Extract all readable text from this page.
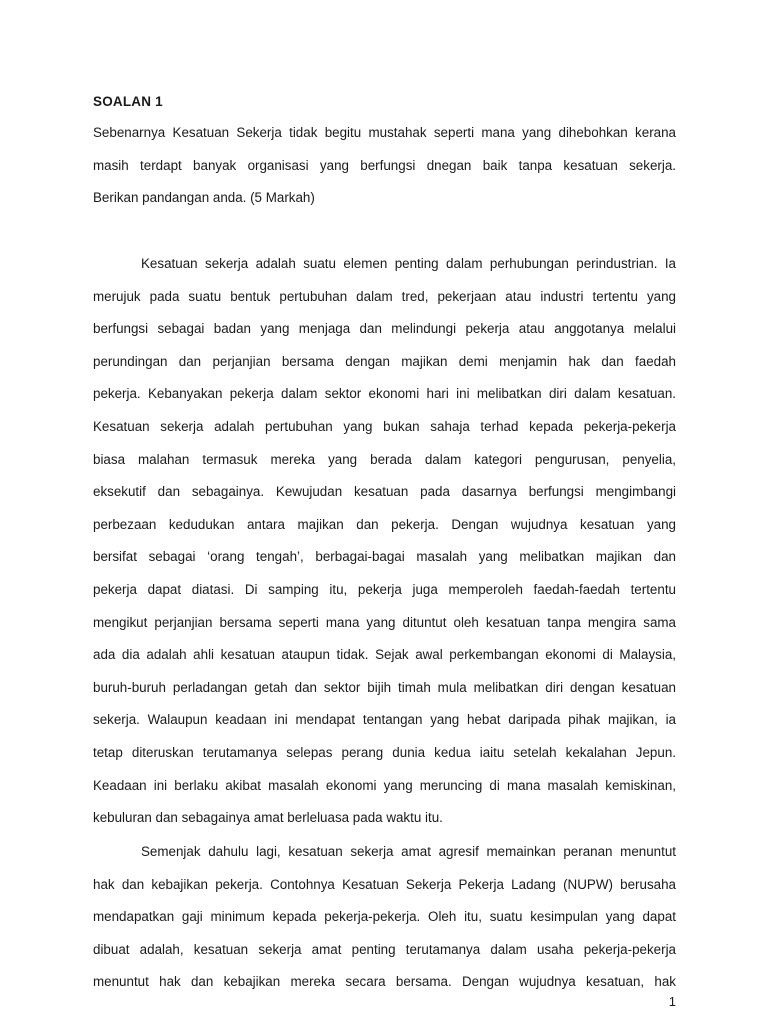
SOALAN 1
Sebenarnya Kesatuan Sekerja tidak begitu mustahak seperti mana yang dihebohkan kerana
masih terdapt banyak organisasi yang berfungsi dnegan baik tanpa kesatuan sekerja.
Berikan pandangan anda. (5 Markah)
Kesatuan sekerja adalah suatu elemen penting dalam perhubungan perindustrian. Ia
merujuk pada suatu bentuk pertubuhan dalam tred, pekerjaan atau industri tertentu yang
berfungsi sebagai badan yang menjaga dan melindungi pekerja atau anggotanya melalui
perundingan dan perjanjian bersama dengan majikan demi menjamin hak dan faedah
pekerja. Kebanyakan pekerja dalam sektor ekonomi hari ini melibatkan diri dalam kesatuan.
Kesatuan sekerja adalah pertubuhan yang bukan sahaja terhad kepada pekerja-pekerja
biasa malahan termasuk mereka yang berada dalam kategori pengurusan, penyelia,
eksekutif dan sebagainya. Kewujudan kesatuan pada dasarnya berfungsi mengimbangi
perbezaan kedudukan antara majikan dan pekerja. Dengan wujudnya kesatuan yang
bersifat sebagai ‘orang tengah’, berbagai-bagai masalah yang melibatkan majikan dan
pekerja dapat diatasi. Di samping itu, pekerja juga memperoleh faedah-faedah tertentu
mengikut perjanjian bersama seperti mana yang dituntut oleh kesatuan tanpa mengira sama
ada dia adalah ahli kesatuan ataupun tidak. Sejak awal perkembangan ekonomi di Malaysia,
buruh-buruh perladangan getah dan sektor bijih timah mula melibatkan diri dengan kesatuan
sekerja. Walaupun keadaan ini mendapat tentangan yang hebat daripada pihak majikan, ia
tetap diteruskan terutamanya selepas perang dunia kedua iaitu setelah kekalahan Jepun.
Keadaan ini berlaku akibat masalah ekonomi yang meruncing di mana masalah kemiskinan,
kebuluran dan sebagainya amat berleluasa pada waktu itu.
Semenjak dahulu lagi, kesatuan sekerja amat agresif memainkan peranan menuntut
hak dan kebajikan pekerja. Contohnya Kesatuan Sekerja Pekerja Ladang (NUPW) berusaha
mendapatkan gaji minimum kepada pekerja-pekerja. Oleh itu, suatu kesimpulan yang dapat
dibuat adalah, kesatuan sekerja amat penting terutamanya dalam usaha pekerja-pekerja
menuntut hak dan kebajikan mereka secara bersama. Dengan wujudnya kesatuan, hak
1
